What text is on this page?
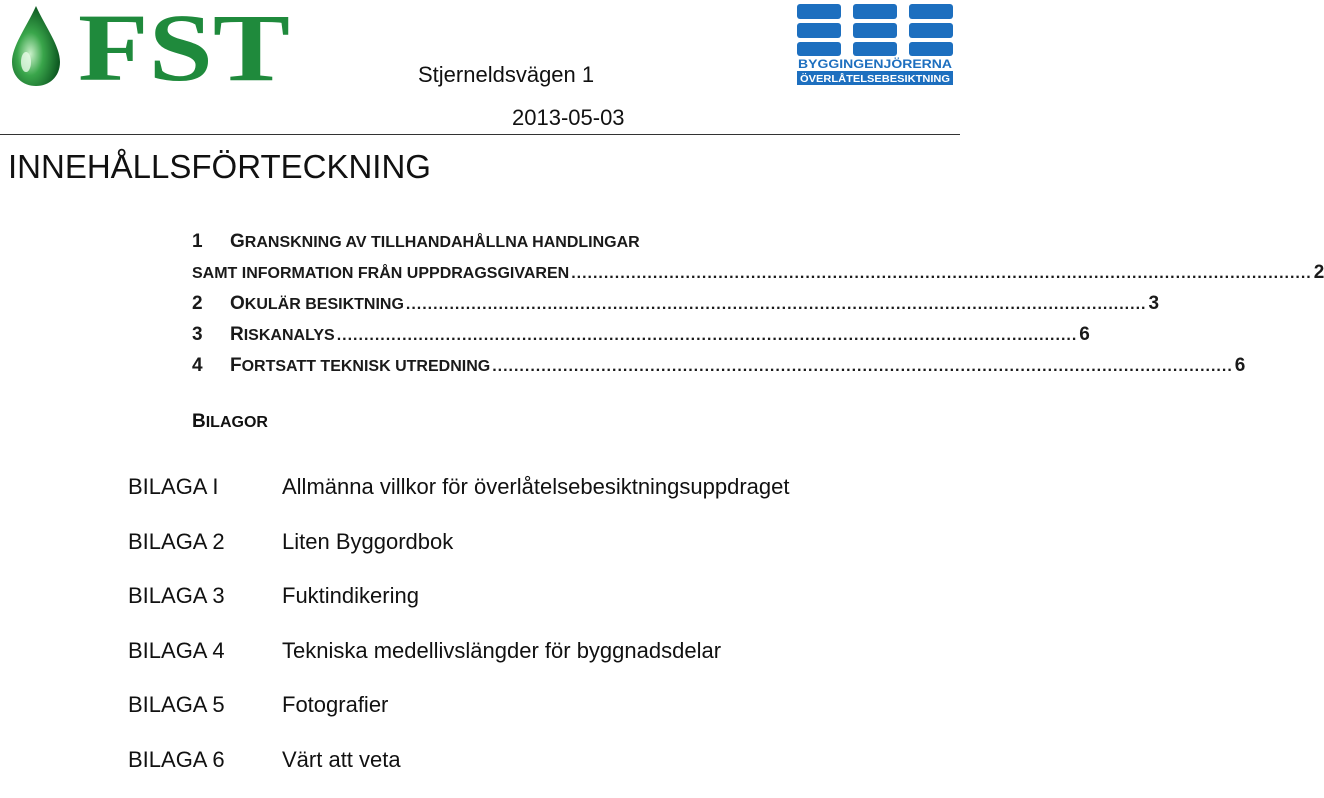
FST	BYGGINGENJÖRERNA
ÖVERLÅTELSEBESIKTNING
Stjerneldsvägen 1
2013-05-03
INNEHÅLLSFÖRTECKNING
1 GRANSKNING AV TILLHANDAHÅLLNA HANDLINGAR
SAMT INFORMATION FRÅN UPPDRAGSGIVAREN ........................................................................................................................................ 2
2 OKULÄR BESIKTNING ........................................................................................................................................ 3
3 RISKANALYS ........................................................................................................................................ 6
4 FORTSATT TEKNISK UTREDNING ........................................................................................................................................ 6
BILAGOR
BILAGA I	Allmänna villkor för överlåtelsebesiktningsuppdraget
BILAGA 2	Liten Byggordbok
BILAGA 3	Fuktindikering
BILAGA 4	Tekniska medellivslängder för byggnadsdelar
BILAGA 5	Fotografier
BILAGA 6	Värt att veta
